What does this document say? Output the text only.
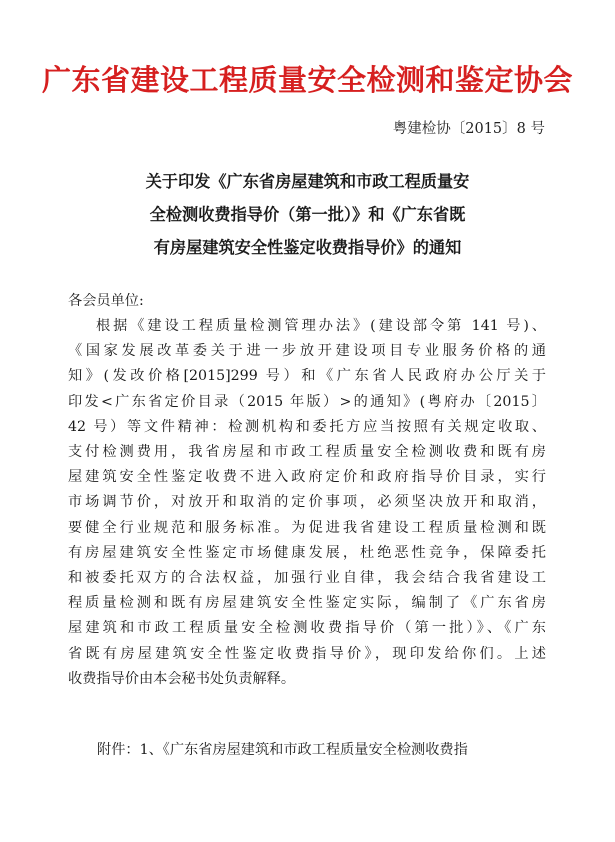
广东省建设工程质量安全检测和鉴定协会
粤建检协〔2015〕8 号
关于印发《广东省房屋建筑和市政工程质量安
全检测收费指导价（第一批）》和《广东省既
有房屋建筑安全性鉴定收费指导价》的通知
各会员单位:
根据《建设工程质量检测管理办法》(建设部令第 141 号)、
《国家发展改革委关于进一步放开建设项目专业服务价格的通
知》(发改价格[2015]299 号）和《广东省人民政府办公厅关于
印发<广东省定价目录（2015 年版）>的通知》(粤府办〔2015〕
42 号）等文件精神：检测机构和委托方应当按照有关规定收取、
支付检测费用，我省房屋和市政工程质量安全检测收费和既有房
屋建筑安全性鉴定收费不进入政府定价和政府指导价目录，实行
市场调节价，对放开和取消的定价事项，必须坚决放开和取消，
要健全行业规范和服务标准。为促进我省建设工程质量检测和既
有房屋建筑安全性鉴定市场健康发展，杜绝恶性竞争，保障委托
和被委托双方的合法权益，加强行业自律，我会结合我省建设工
程质量检测和既有房屋建筑安全性鉴定实际，编制了《广东省房
屋建筑和市政工程质量安全检测收费指导价（第一批）》、《广东
省既有房屋建筑安全性鉴定收费指导价》，现印发给你们。上述
收费指导价由本会秘书处负责解释。
附件：1、《广东省房屋建筑和市政工程质量安全检测收费指
